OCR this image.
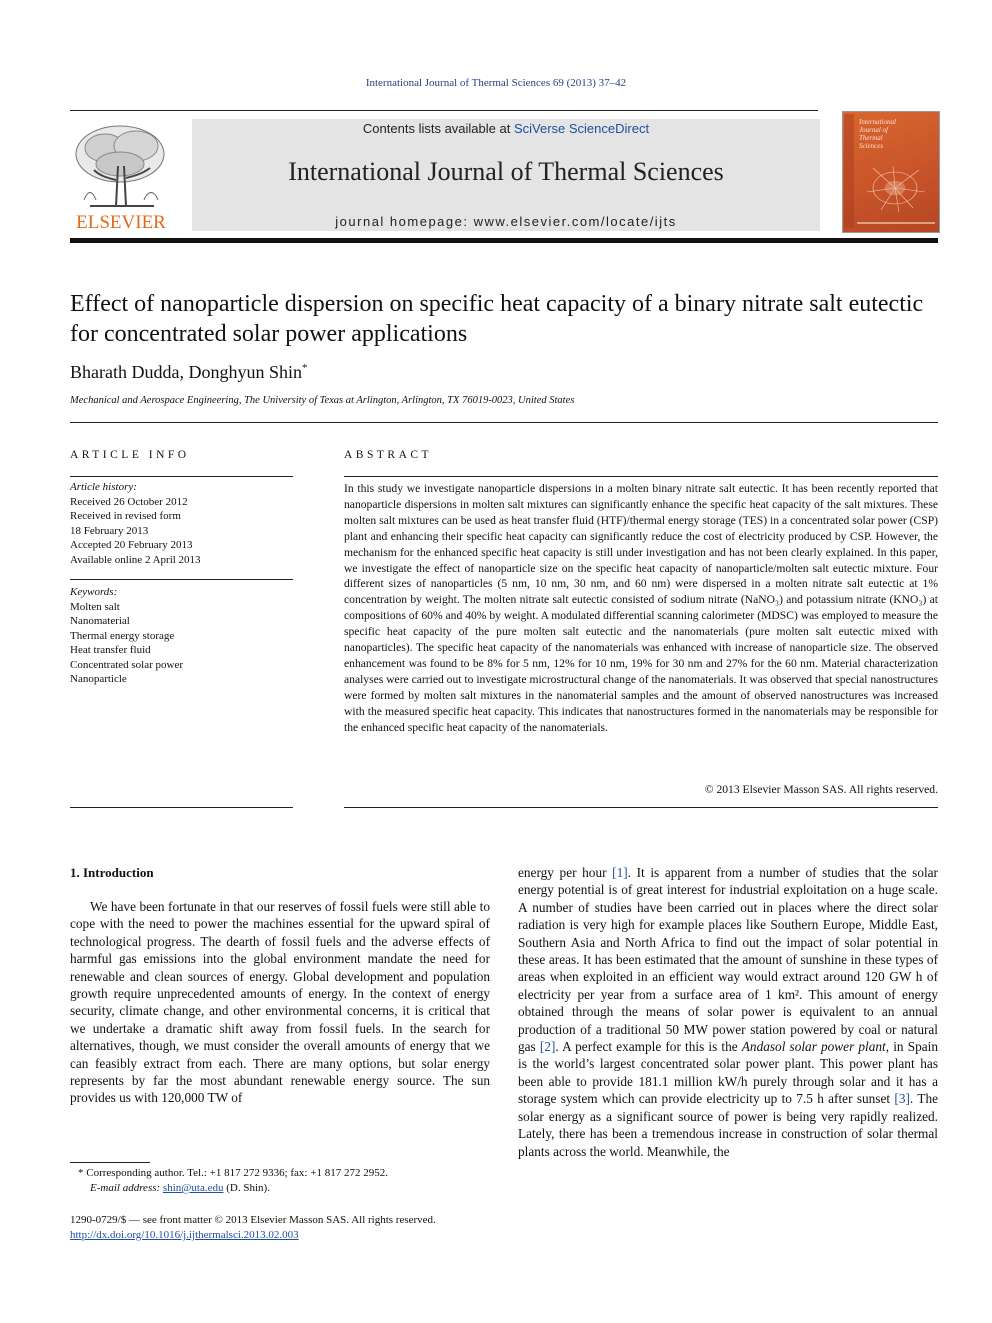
International Journal of Thermal Sciences 69 (2013) 37–42
ELSEVIER
Contents lists available at SciVerse ScienceDirect
International Journal of Thermal Sciences
journal homepage: www.elsevier.com/locate/ijts
International
Journal of
Thermal
Sciences
Effect of nanoparticle dispersion on specific heat capacity of a binary nitrate salt eutectic for concentrated solar power applications
Bharath Dudda, Donghyun Shin*
Mechanical and Aerospace Engineering, The University of Texas at Arlington, Arlington, TX 76019-0023, United States
ARTICLE INFO
Article history:
Received 26 October 2012
Received in revised form
18 February 2013
Accepted 20 February 2013
Available online 2 April 2013
Keywords:
Molten salt
Nanomaterial
Thermal energy storage
Heat transfer fluid
Concentrated solar power
Nanoparticle
ABSTRACT
In this study we investigate nanoparticle dispersions in a molten binary nitrate salt eutectic. It has been recently reported that nanoparticle dispersions in molten salt mixtures can significantly enhance the specific heat capacity of the salt mixtures. These molten salt mixtures can be used as heat transfer fluid (HTF)/thermal energy storage (TES) in a concentrated solar power (CSP) plant and enhancing their specific heat capacity can significantly reduce the cost of electricity produced by CSP. However, the mechanism for the enhanced specific heat capacity is still under investigation and has not been clearly explained. In this paper, we investigate the effect of nanoparticle size on the specific heat capacity of nanoparticle/molten salt eutectic mixture. Four different sizes of nanoparticles (5 nm, 10 nm, 30 nm, and 60 nm) were dispersed in a molten nitrate salt eutectic at 1% concentration by weight. The molten nitrate salt eutectic consisted of sodium nitrate (NaNO₃) and potassium nitrate (KNO₃) at compositions of 60% and 40% by weight. A modulated differential scanning calorimeter (MDSC) was employed to measure the specific heat capacity of the pure molten salt eutectic and the nanomaterials (pure molten salt eutectic mixed with nanoparticles). The specific heat capacity of the nanomaterials was enhanced with increase of nanoparticle size. The observed enhancement was found to be 8% for 5 nm, 12% for 10 nm, 19% for 30 nm and 27% for the 60 nm. Material characterization analyses were carried out to investigate microstructural change of the nanomaterials. It was observed that special nanostructures were formed by molten salt mixtures in the nanomaterial samples and the amount of observed nanostructures was increased with the measured specific heat capacity. This indicates that nanostructures formed in the nanomaterials may be responsible for the enhanced specific heat capacity of the nanomaterials.
© 2013 Elsevier Masson SAS. All rights reserved.
1. Introduction
We have been fortunate in that our reserves of fossil fuels were still able to cope with the need to power the machines essential for the upward spiral of technological progress. The dearth of fossil fuels and the adverse effects of harmful gas emissions into the global environment mandate the need for renewable and clean sources of energy. Global development and population growth require unprecedented amounts of energy. In the context of energy security, climate change, and other environmental concerns, it is critical that we undertake a dramatic shift away from fossil fuels. In the search for alternatives, though, we must consider the overall amounts of energy that we can feasibly extract from each. There are many options, but solar energy represents by far the most abundant renewable energy source. The sun provides us with 120,000 TW of
energy per hour [1]. It is apparent from a number of studies that the solar energy potential is of great interest for industrial exploitation on a huge scale. A number of studies have been carried out in places where the direct solar radiation is very high for example places like Southern Europe, Middle East, Southern Asia and North Africa to find out the impact of solar potential in these areas. It has been estimated that the amount of sunshine in these types of areas when exploited in an efficient way would extract around 120 GW h of electricity per year from a surface area of 1 km². This amount of energy obtained through the means of solar power is equivalent to an annual production of a traditional 50 MW power station powered by coal or natural gas [2]. A perfect example for this is the Andasol solar power plant, in Spain is the world’s largest concentrated solar power plant. This power plant has been able to provide 181.1 million kW/h purely through solar and it has a storage system which can provide electricity up to 7.5 h after sunset [3]. The solar energy as a significant source of power is being very rapidly realized. Lately, there has been a tremendous increase in construction of solar thermal plants across the world. Meanwhile, the
* Corresponding author. Tel.: +1 817 272 9336; fax: +1 817 272 2952.
E-mail address: shin@uta.edu (D. Shin).
1290-0729/$ — see front matter © 2013 Elsevier Masson SAS. All rights reserved.
http://dx.doi.org/10.1016/j.ijthermalsci.2013.02.003
